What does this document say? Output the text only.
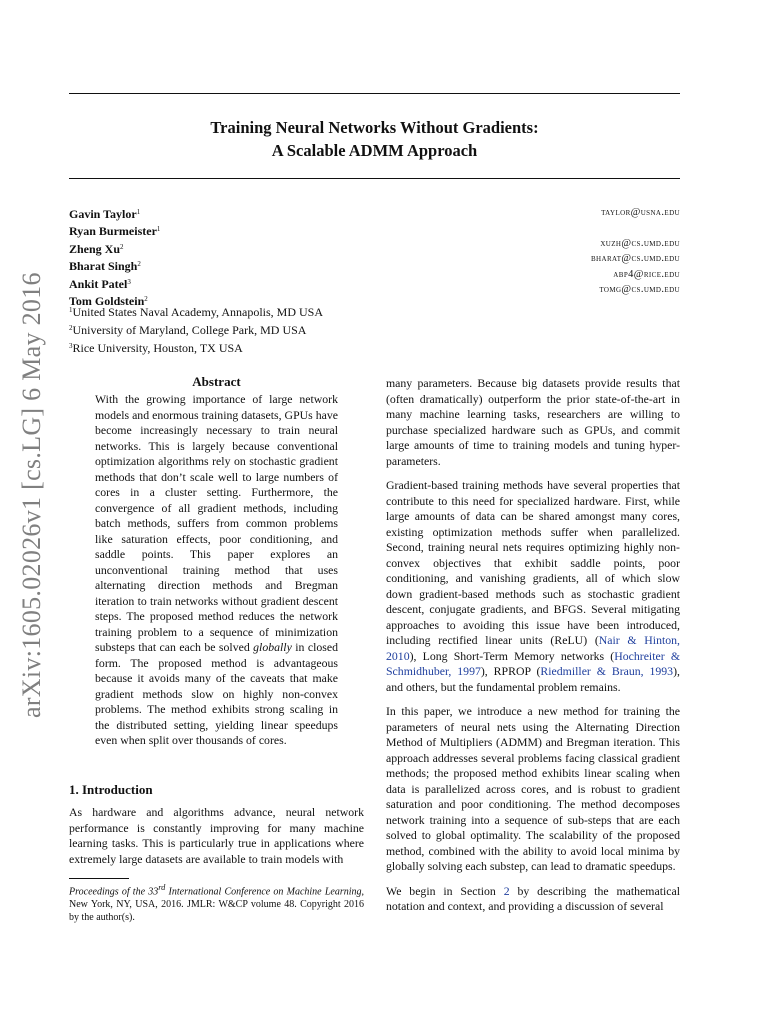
arXiv:1605.02026v1 [cs.LG] 6 May 2016
Training Neural Networks Without Gradients:
A Scalable ADMM Approach
Gavin Taylor$^1$
Ryan Burmeister$^1$
Zheng Xu$^2$
Bharat Singh$^2$
Ankit Patel$^3$
Tom Goldstein$^2$
taylor@usna.edu
xuzh@cs.umd.edu
bharat@cs.umd.edu
abp4@rice.edu
tomg@cs.umd.edu
$^1$United States Naval Academy, Annapolis, MD USA
$^2$University of Maryland, College Park, MD USA
$^3$Rice University, Houston, TX USA
Abstract
With the growing importance of large network models and enormous training datasets, GPUs have become increasingly necessary to train neural networks. This is largely because conventional optimization algorithms rely on stochastic gradient methods that don’t scale well to large numbers of cores in a cluster setting. Furthermore, the convergence of all gradient methods, including batch methods, suffers from common problems like saturation effects, poor conditioning, and saddle points. This paper explores an unconventional training method that uses alternating direction methods and Bregman iteration to train networks without gradient descent steps. The proposed method reduces the network training problem to a sequence of minimization substeps that can each be solved globally in closed form. The proposed method is advantageous because it avoids many of the caveats that make gradient methods slow on highly non-convex problems. The method exhibits strong scaling in the distributed setting, yielding linear speedups even when split over thousands of cores.
1. Introduction
As hardware and algorithms advance, neural network performance is constantly improving for many machine learning tasks. This is particularly true in applications where extremely large datasets are available to train models with
Proceedings of the 33rd International Conference on Machine Learning, New York, NY, USA, 2016. JMLR: W&CP volume 48. Copyright 2016 by the author(s).

many parameters. Because big datasets provide results that (often dramatically) outperform the prior state-of-the-art in many machine learning tasks, researchers are willing to purchase specialized hardware such as GPUs, and commit large amounts of time to training models and tuning hyper-parameters.

Gradient-based training methods have several properties that contribute to this need for specialized hardware. First, while large amounts of data can be shared amongst many cores, existing optimization methods suffer when parallelized. Second, training neural nets requires optimizing highly non-convex objectives that exhibit saddle points, poor conditioning, and vanishing gradients, all of which slow down gradient-based methods such as stochastic gradient descent, conjugate gradients, and BFGS. Several mitigating approaches to avoiding this issue have been introduced, including rectified linear units (ReLU) (Nair & Hinton, 2010), Long Short-Term Memory networks (Hochreiter & Schmidhuber, 1997), RPROP (Riedmiller & Braun, 1993), and others, but the fundamental problem remains.

In this paper, we introduce a new method for training the parameters of neural nets using the Alternating Direction Method of Multipliers (ADMM) and Bregman iteration. This approach addresses several problems facing classical gradient methods; the proposed method exhibits linear scaling when data is parallelized across cores, and is robust to gradient saturation and poor conditioning. The method decomposes network training into a sequence of sub-steps that are each solved to global optimality. The scalability of the proposed method, combined with the ability to avoid local minima by globally solving each substep, can lead to dramatic speedups.

We begin in Section 2 by describing the mathematical notation and context, and providing a discussion of several
